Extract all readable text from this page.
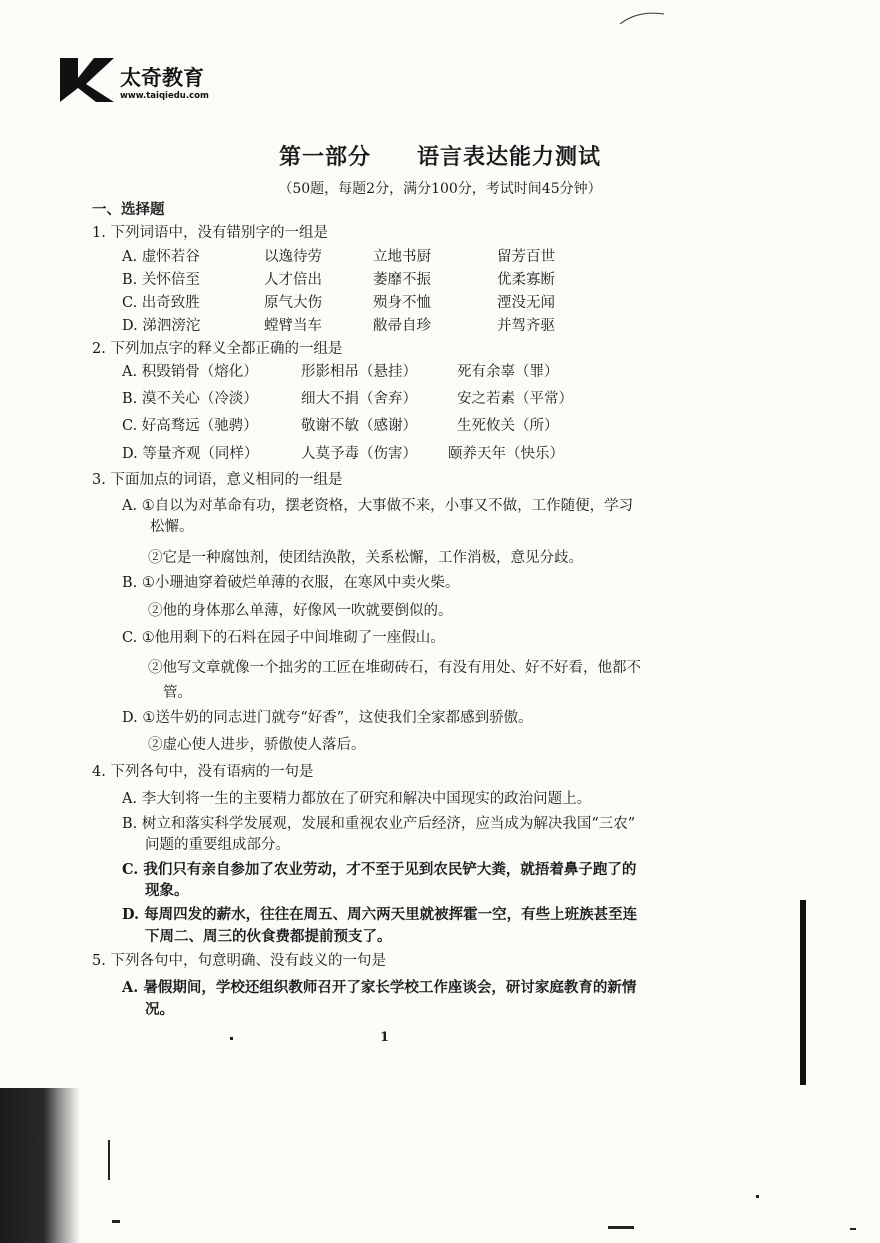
太奇教育
www.taiqiedu.com
第一部分 语言表达能力测试
（50题，每题2分，满分100分，考试时间45分钟）
一、选择题
1. 下列词语中，没有错别字的一组是
A. 虚怀若谷	以逸待劳	立地书厨	留芳百世
B. 关怀倍至	人才倍出	萎靡不振	优柔寡断
C. 出奇致胜	原气大伤	殒身不恤	湮没无闻
D. 涕泗滂沱	螳臂当车	敝帚自珍	并驾齐驱
2. 下列加点字的释义全都正确的一组是
A. 积毁销骨（熔化）	形影相吊（悬挂）	死有余辜（罪）
B. 漠不关心（冷淡）	细大不捐（舍弃）	安之若素（平常）
C. 好高骛远（驰骋）	敬谢不敏（感谢）	生死攸关（所）
D. 等量齐观（同样）	人莫予毒（伤害） 颐养天年（快乐）
3. 下面加点的词语，意义相同的一组是
A. ①自以为对革命有功，摆老资格，大事做不来，小事又不做，工作随便，学习
松懈。
②它是一种腐蚀剂，使团结涣散，关系松懈，工作消极，意见分歧。
B. ①小珊迪穿着破烂单薄的衣服，在寒风中卖火柴。
②他的身体那么单薄，好像风一吹就要倒似的。
C. ①他用剩下的石料在园子中间堆砌了一座假山。
②他写文章就像一个拙劣的工匠在堆砌砖石，有没有用处、好不好看，他都不
管。
D. ①送牛奶的同志进门就夸“好香”，这使我们全家都感到骄傲。
②虚心使人进步，骄傲使人落后。
4. 下列各句中，没有语病的一句是
A. 李大钊将一生的主要精力都放在了研究和解决中国现实的政治问题上。
B. 树立和落实科学发展观，发展和重视农业产后经济，应当成为解决我国“三农”
问题的重要组成部分。
C. 我们只有亲自参加了农业劳动，才不至于见到农民铲大粪，就捂着鼻子跑了的
现象。
D. 每周四发的薪水，往往在周五、周六两天里就被挥霍一空，有些上班族甚至连
下周二、周三的伙食费都提前预支了。
5. 下列各句中，句意明确、没有歧义的一句是
A. 暑假期间，学校还组织教师召开了家长学校工作座谈会，研讨家庭教育的新情
况。
1
